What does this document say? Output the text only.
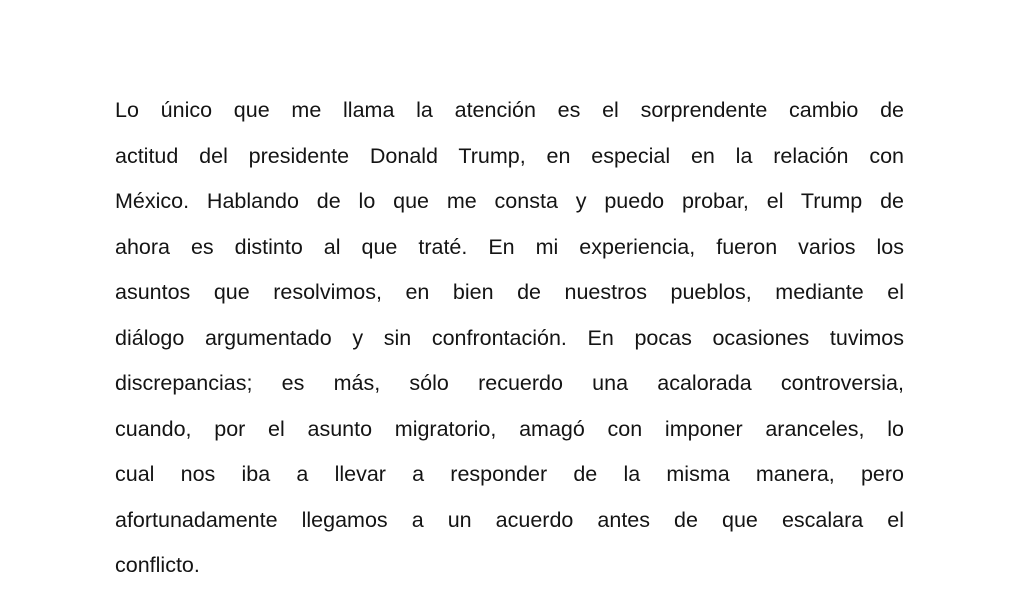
Lo único que me llama la atención es el sorprendente cambio de
actitud del presidente Donald Trump, en especial en la relación con
México. Hablando de lo que me consta y puedo probar, el Trump de
ahora es distinto al que traté. En mi experiencia, fueron varios los
asuntos que resolvimos, en bien de nuestros pueblos, mediante el
diálogo argumentado y sin confrontación. En pocas ocasiones tuvimos
discrepancias; es más, sólo recuerdo una acalorada controversia,
cuando, por el asunto migratorio, amagó con imponer aranceles, lo
cual nos iba a llevar a responder de la misma manera, pero
afortunadamente llegamos a un acuerdo antes de que escalara el
conflicto.
